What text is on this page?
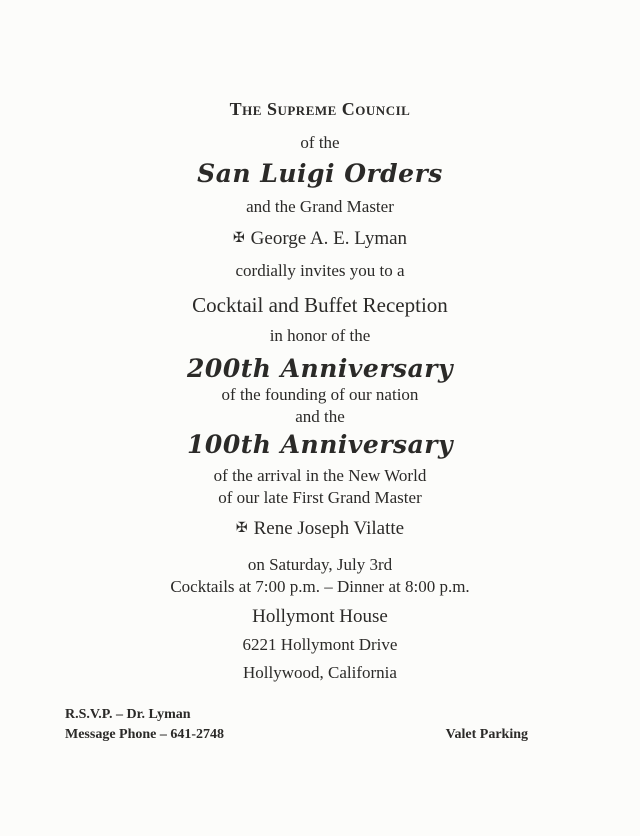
The Supreme Council
of the
San Luigi Orders
and the Grand Master
✠ George A. E. Lyman
cordially invites you to a
Cocktail and Buffet Reception
in honor of the
200th Anniversary
of the founding of our nation
and the
100th Anniversary
of the arrival in the New World
of our late First Grand Master
✠ Rene Joseph Vilatte
on Saturday, July 3rd
Cocktails at 7:00 p.m. – Dinner at 8:00 p.m.
Hollymont House
6221 Hollymont Drive
Hollywood, California
R.S.V.P. – Dr. Lyman
Message Phone – 641-2748	Valet Parking
